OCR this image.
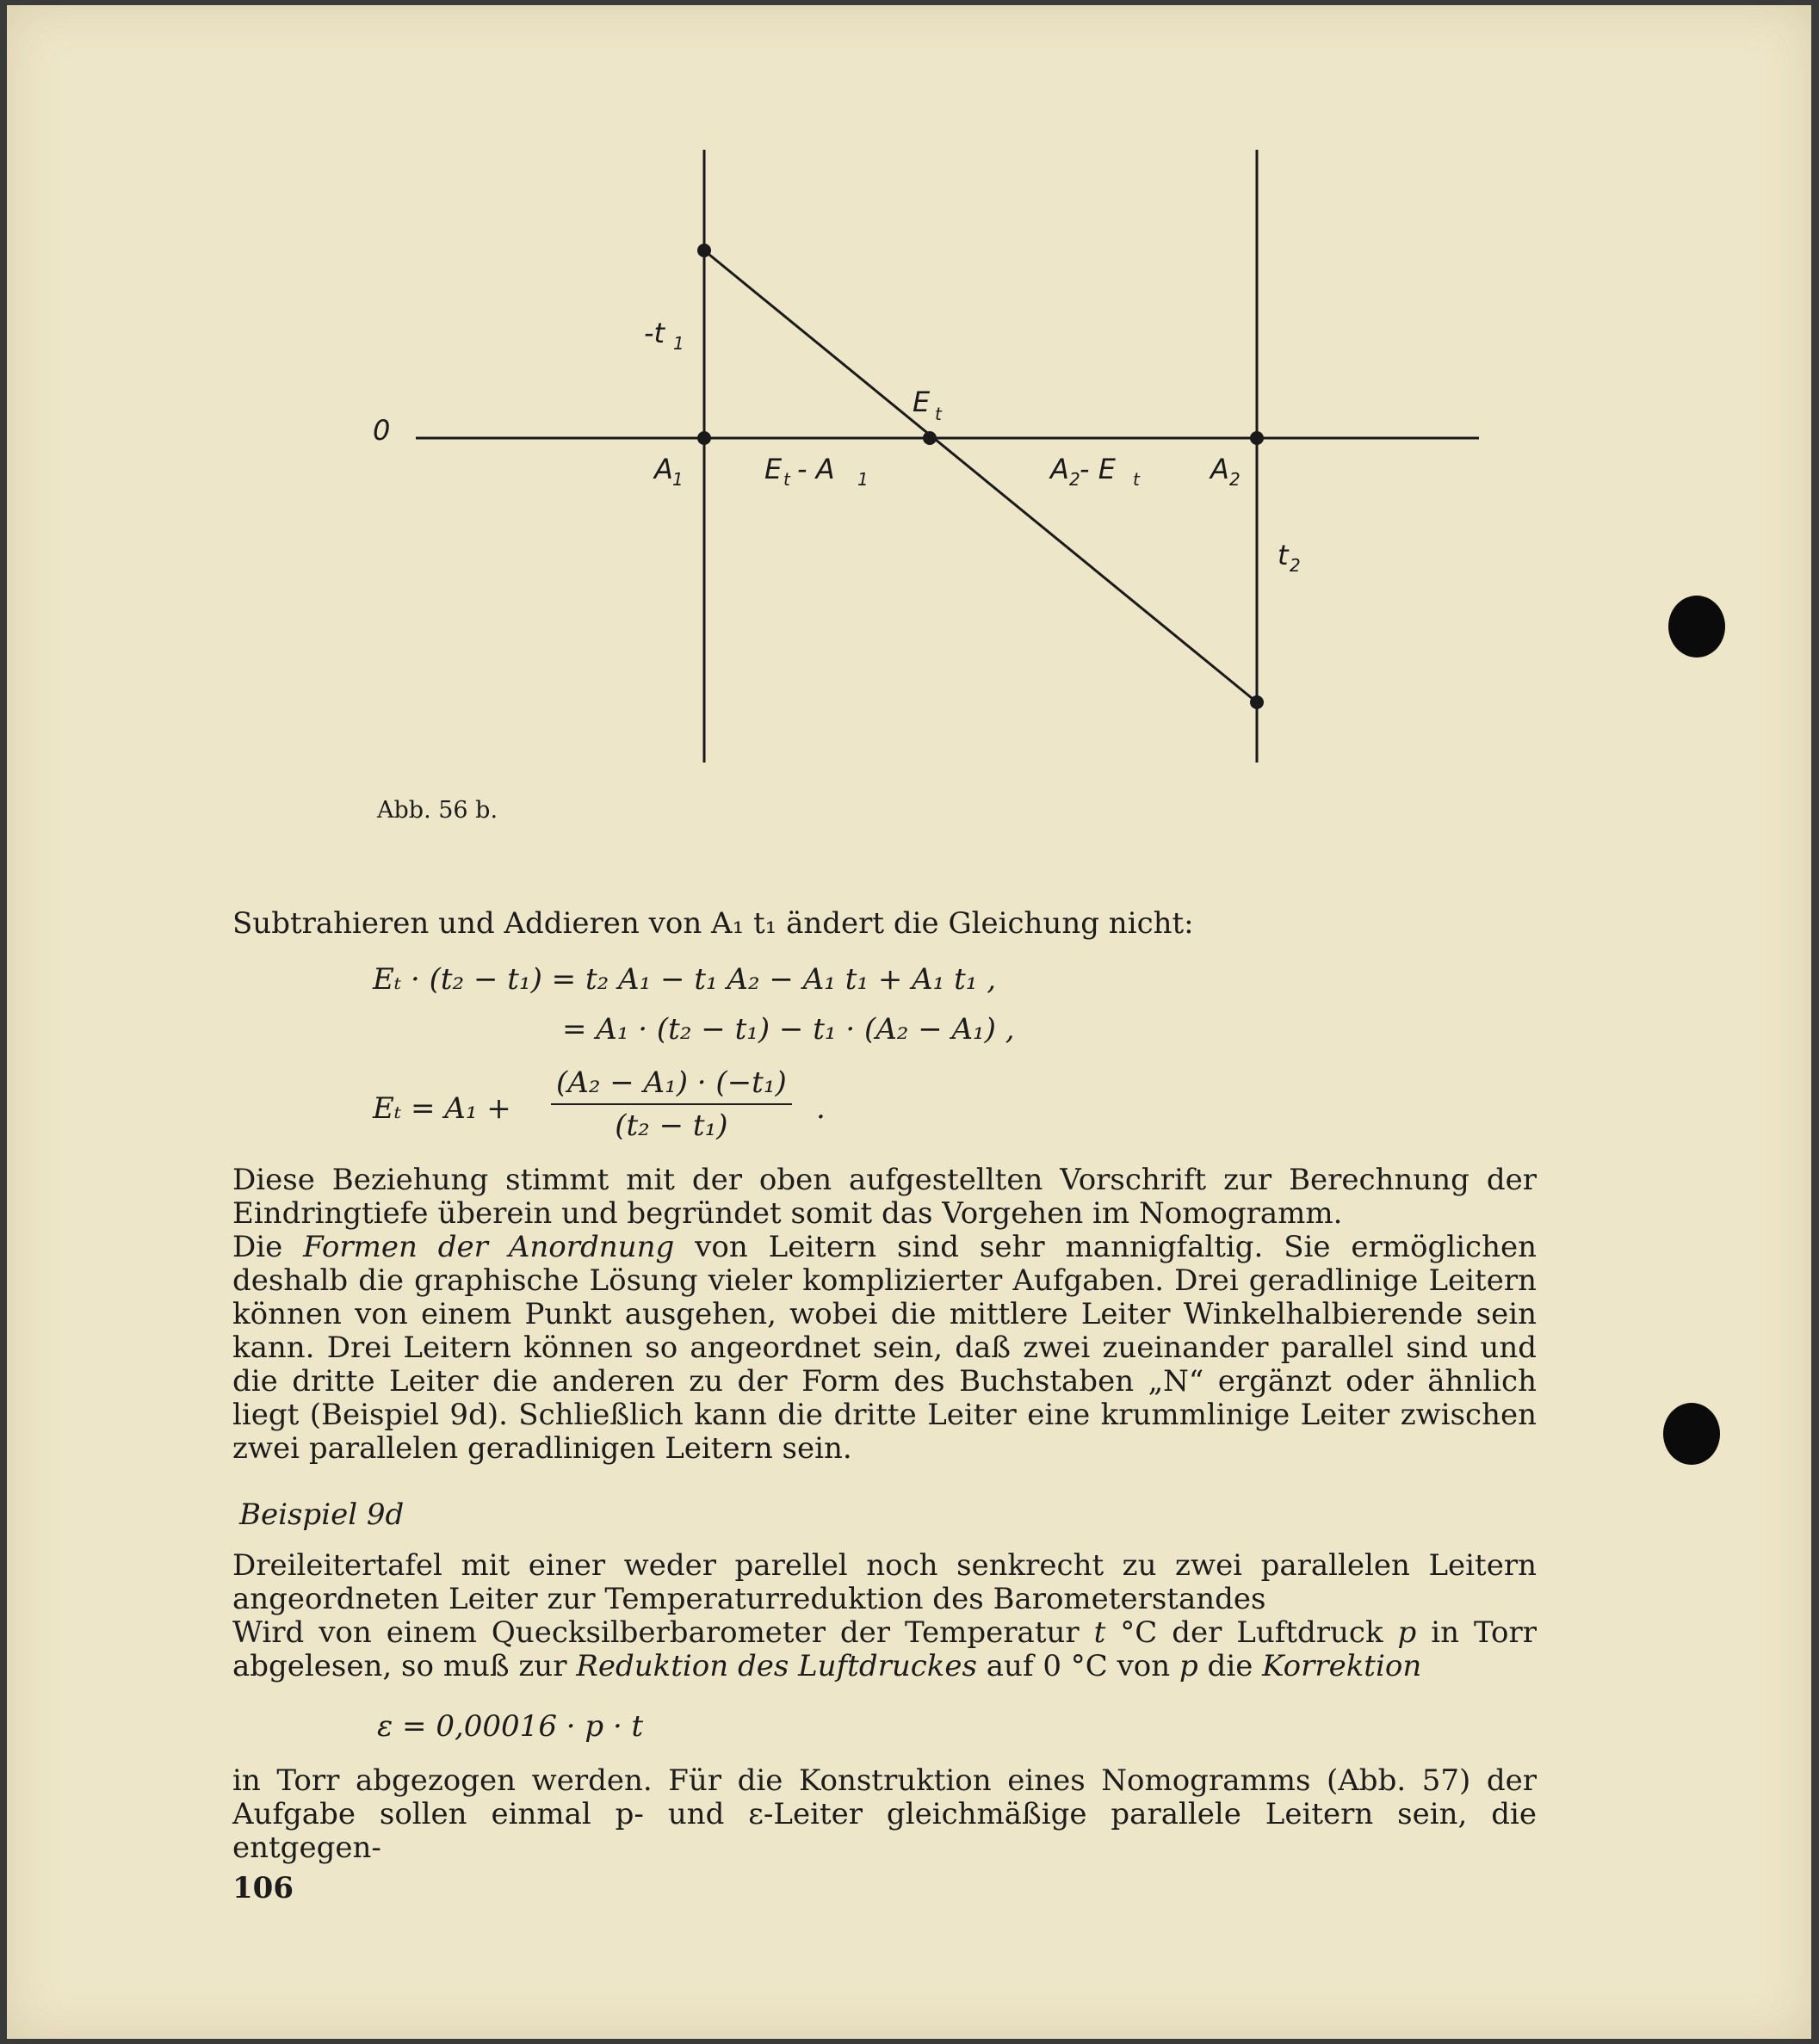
0
-t 1
E t
A 1	E t - A 1	A 2 - E t	A 2
t 2
Abb. 56 b.
Subtrahieren und Addieren von A₁ t₁ ändert die Gleichung nicht:
Eₜ · (t₂ − t₁) = t₂ A₁ − t₁ A₂ − A₁ t₁ + A₁ t₁ ,
= A₁ · (t₂ − t₁) − t₁ · (A₂ − A₁) ,
$E_t = A_1 + \frac{\text{(A₂ − A₁) · (−t₁)}}{\text{(t₂ − t₁)}}$ .
Diese Beziehung stimmt mit der oben aufgestellten Vorschrift zur Berechnung der Eindringtiefe überein und begründet somit das Vorgehen im Nomogramm.
Die Formen der Anordnung von Leitern sind sehr mannigfaltig. Sie ermöglichen deshalb die graphische Lösung vieler komplizierter Aufgaben. Drei geradlinige Leitern können von einem Punkt ausgehen, wobei die mittlere Leiter Winkelhalbierende sein kann. Drei Leitern können so angeordnet sein, daß zwei zueinander parallel sind und die dritte Leiter die anderen zu der Form des Buchstaben „N“ ergänzt oder ähnlich liegt (Beispiel 9d). Schließlich kann die dritte Leiter eine krummlinige Leiter zwischen zwei parallelen geradlinigen Leitern sein.
Beispiel 9d
Dreileitertafel mit einer weder parellel noch senkrecht zu zwei parallelen Leitern angeordneten Leiter zur Temperaturreduktion des Barometerstandes
Wird von einem Quecksilberbarometer der Temperatur t °C der Luftdruck p in Torr abgelesen, so muß zur Reduktion des Luftdruckes auf 0 °C von p die Korrektion
ε = 0,00016 · p · t
in Torr abgezogen werden. Für die Konstruktion eines Nomogramms (Abb. 57) der Aufgabe sollen einmal p- und ε-Leiter gleichmäßige parallele Leitern sein, die entgegen-
106
